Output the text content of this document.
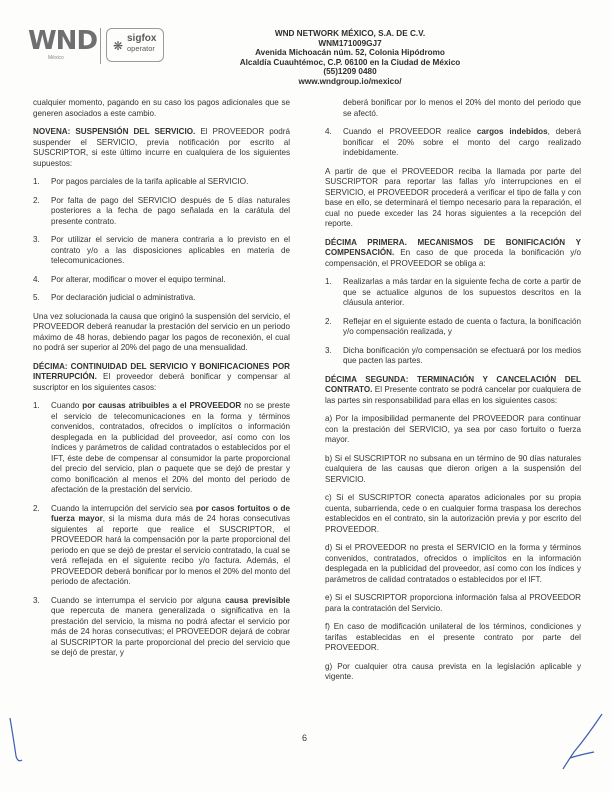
WND
México
❋
sigfox
operator
WND NETWORK MÉXICO, S.A. DE C.V.
WNM171009GJ7
Avenida Michoacán núm. 52, Colonia Hipódromo
Alcaldía Cuauhtémoc, C.P. 06100 en la Ciudad de México
(55)1209 0480
www.wndgroup.io/mexico/

cualquier momento, pagando en su caso los pagos adicionales que se generen asociados a este cambio.

NOVENA: SUSPENSIÓN DEL SERVICIO. El PROVEEDOR podrá suspender el SERVICIO, previa notificación por escrito al SUSCRIPTOR, si este último incurre en cualquiera de los siguientes supuestos:

1.	Por pagos parciales de la tarifa aplicable al SERVICIO.
2.	Por falta de pago del SERVICIO después de 5 días naturales posteriores a la fecha de pago señalada en la carátula del presente contrato.
3.	Por utilizar el servicio de manera contraria a lo previsto en el contrato y/o a las disposiciones aplicables en materia de telecomunicaciones.
4.	Por alterar, modificar o mover el equipo terminal.
5.	Por declaración judicial o administrativa.

Una vez solucionada la causa que originó la suspensión del servicio, el PROVEEDOR deberá reanudar la prestación del servicio en un periodo máximo de 48 horas, debiendo pagar los pagos de reconexión, el cual no podrá ser superior al 20% del pago de una mensualidad.

DÉCIMA: CONTINUIDAD DEL SERVICIO Y BONIFICACIONES POR INTERRUPCIÓN. El proveedor deberá bonificar y compensar al suscriptor en los siguientes casos:

1.	Cuando por causas atribuibles a el PROVEEDOR no se preste el servicio de telecomunicaciones en la forma y términos convenidos, contratados, ofrecidos o implícitos o información desplegada en la publicidad del proveedor, así como con los índices y parámetros de calidad contratados o establecidos por el IFT, éste debe de compensar al consumidor la parte proporcional del precio del servicio, plan o paquete que se dejó de prestar y como bonificación al menos el 20% del monto del periodo de afectación de la prestación del servicio.
2.	Cuando la interrupción del servicio sea por casos fortuitos o de fuerza mayor, si la misma dura más de 24 horas consecutivas siguientes al reporte que realice el SUSCRIPTOR, el PROVEEDOR hará la compensación por la parte proporcional del periodo en que se dejó de prestar el servicio contratado, la cual se verá reflejada en el siguiente recibo y/o factura. Además, el PROVEEDOR deberá bonificar por lo menos el 20% del monto del periodo de afectación.
3.	Cuando se interrumpa el servicio por alguna causa previsible que repercuta de manera generalizada o significativa en la prestación del servicio, la misma no podrá afectar el servicio por más de 24 horas consecutivas; el PROVEEDOR dejará de cobrar al SUSCRIPTOR la parte proporcional del precio del servicio que se dejó de prestar, y

deberá bonificar por lo menos el 20% del monto del periodo que se afectó.

4.	Cuando el PROVEEDOR realice cargos indebidos, deberá bonificar el 20% sobre el monto del cargo realizado indebidamente.

A partir de que el PROVEEDOR reciba la llamada por parte del SUSCRIPTOR para reportar las fallas y/o interrupciones en el SERVICIO, el PROVEEDOR procederá a verificar el tipo de falla y con base en ello, se determinará el tiempo necesario para la reparación, el cual no puede exceder las 24 horas siguientes a la recepción del reporte.

DÉCIMA PRIMERA. MECANISMOS DE BONIFICACIÓN Y COMPENSACIÓN. En caso de que proceda la bonificación y/o compensación, el PROVEEDOR se obliga a:

1.	Realizarlas a más tardar en la siguiente fecha de corte a partir de que se actualice algunos de los supuestos descritos en la cláusula anterior.
2.	Reflejar en el siguiente estado de cuenta o factura, la bonificación y/o compensación realizada, y
3.	Dicha bonificación y/o compensación se efectuará por los medios que pacten las partes.

DÉCIMA SEGUNDA: TERMINACIÓN Y CANCELACIÓN DEL CONTRATO. El Presente contrato se podrá cancelar por cualquiera de las partes sin responsabilidad para ellas en los siguientes casos:

a) Por la imposibilidad permanente del PROVEEDOR para continuar con la prestación del SERVICIO, ya sea por caso fortuito o fuerza mayor.

b) Si el SUSCRIPTOR no subsana en un término de 90 días naturales cualquiera de las causas que dieron origen a la suspensión del SERVICIO.

c) Si el SUSCRIPTOR conecta aparatos adicionales por su propia cuenta, subarrienda, cede o en cualquier forma traspasa los derechos establecidos en el contrato, sin la autorización previa y por escrito del PROVEEDOR.

d) Si el PROVEEDOR no presta el SERVICIO en la forma y términos convenidos, contratados, ofrecidos o implícitos en la información desplegada en la publicidad del proveedor, así como con los índices y parámetros de calidad contratados o establecidos por el IFT.

e) Si el SUSCRIPTOR proporciona información falsa al PROVEEDOR para la contratación del Servicio.

f) En caso de modificación unilateral de los términos, condiciones y tarifas establecidas en el presente contrato por parte del PROVEEDOR.

g) Por cualquier otra causa prevista en la legislación aplicable y vigente.

6
